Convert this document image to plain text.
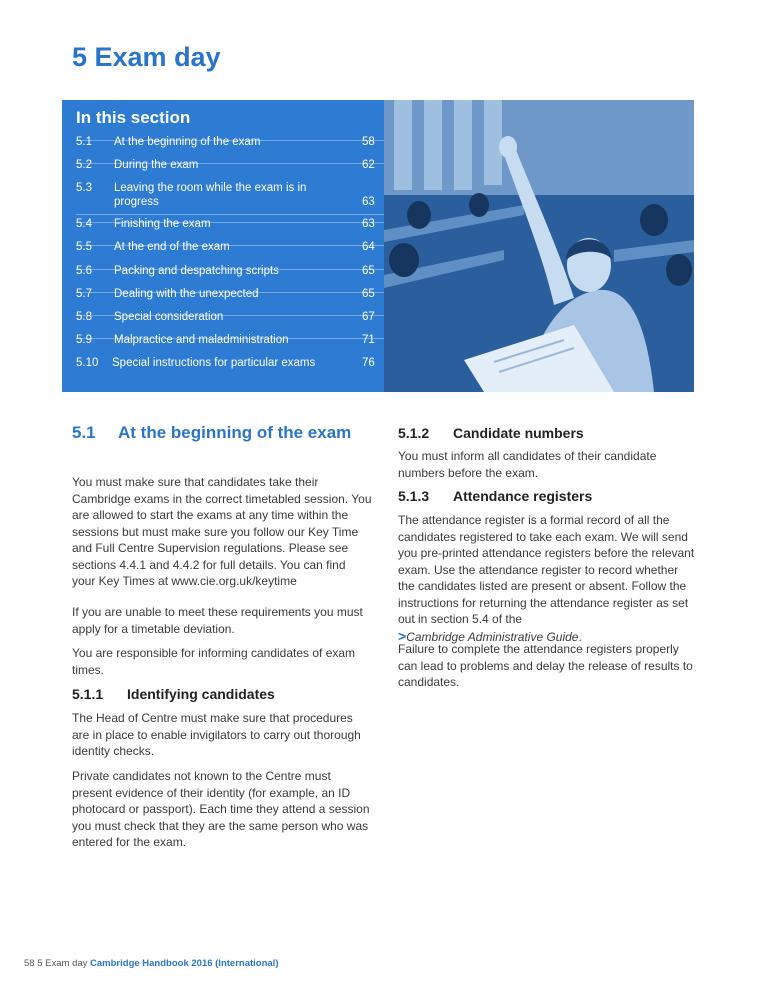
5 Exam day
In this section
5.1 At the beginning of the exam	58
5.2 During the exam	62
5.3 Leaving the room while the exam is in progress	63
5.4 Finishing the exam	63
5.5 At the end of the exam	64
5.6 Packing and despatching scripts	65
5.7 Dealing with the unexpected	65
5.8 Special consideration	67
5.9 Malpractice and maladministration	71
5.10 Special instructions for particular exams	76
5.1 At the beginning of the exam

You must make sure that candidates take their Cambridge exams in the correct timetabled session. You are allowed to start the exams at any time within the sessions but must make sure you follow our Key Time and Full Centre Supervision regulations. Please see sections 4.4.1 and 4.4.2 for full details. You can find your Key Times at www.cie.org.uk/keytime

If you are unable to meet these requirements you must apply for a timetable deviation.

You are responsible for informing candidates of exam times.

5.1.1 Identifying candidates

The Head of Centre must make sure that procedures are in place to enable invigilators to carry out thorough identity checks.

Private candidates not known to the Centre must present evidence of their identity (for example, an ID photocard or passport). Each time they attend a session you must check that they are the same person who was entered for the exam.

5.1.2 Candidate numbers

You must inform all candidates of their candidate numbers before the exam.

5.1.3 Attendance registers

The attendance register is a formal record of all the candidates registered to take each exam. We will send you pre-printed attendance registers before the relevant exam. Use the attendance register to record whether the candidates listed are present or absent. Follow the instructions for returning the attendance register as set out in section 5.4 of the
>Cambridge Administrative Guide.

Failure to complete the attendance registers properly can lead to problems and delay the release of results to candidates.

58 5 Exam day Cambridge Handbook 2016 (International)
